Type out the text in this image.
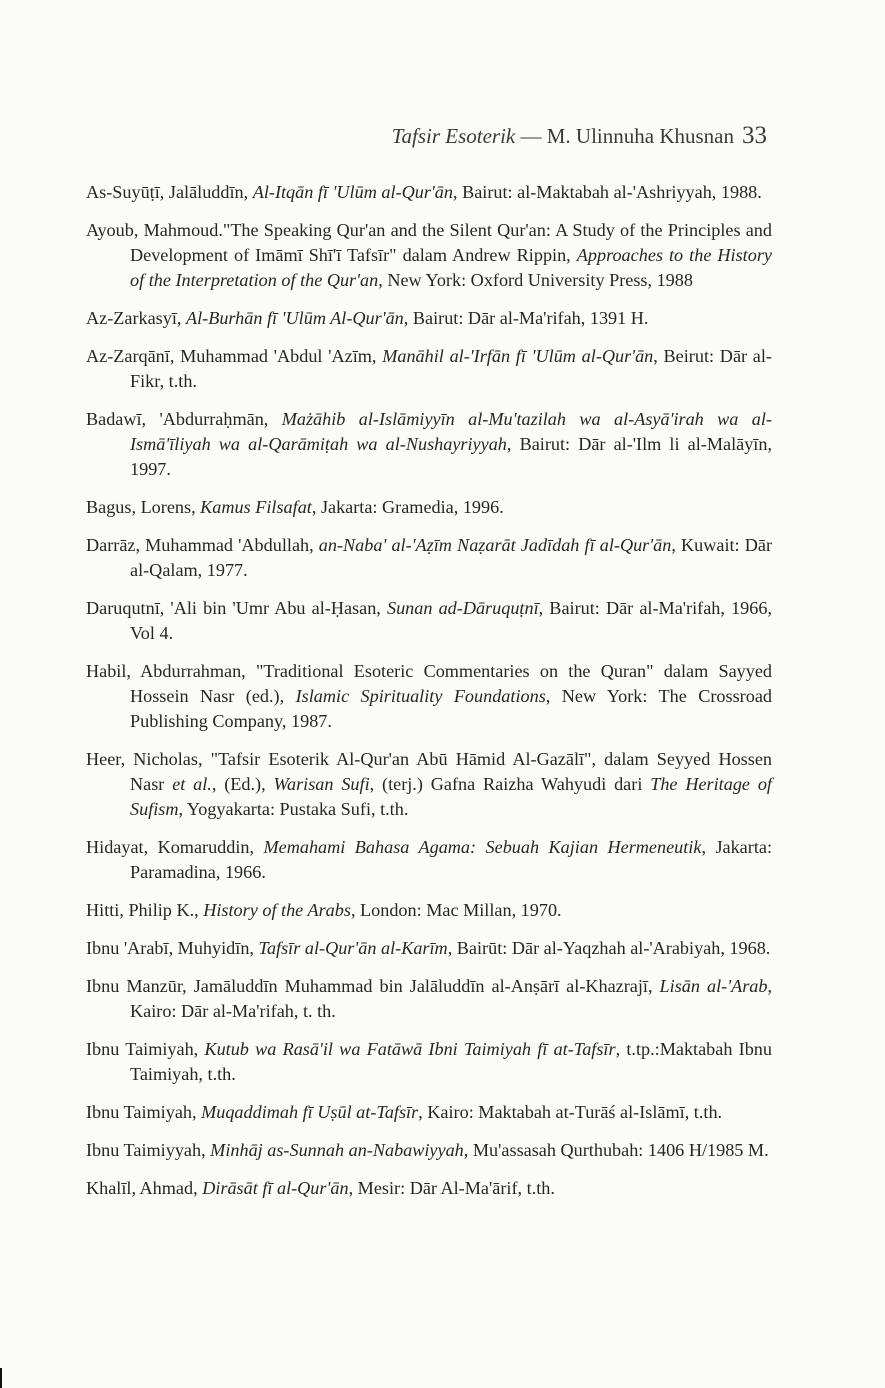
Tafsir Esoterik — M. Ulinnuha Khusnan 33

As-Suyūṭī, Jalāluddīn, Al-Itqān fī 'Ulūm al-Qur'ān, Bairut: al-Maktabah al-'Ashriyyah, 1988.

Ayoub, Mahmoud."The Speaking Qur'an and the Silent Qur'an: A Study of the Principles and Development of Imāmī Shī'ī Tafsīr" dalam Andrew Rippin, Approaches to the History of the Interpretation of the Qur'an, New York: Oxford University Press, 1988

Az-Zarkasyī, Al-Burhān fī 'Ulūm Al-Qur'ān, Bairut: Dār al-Ma'rifah, 1391 H.

Az-Zarqānī, Muhammad 'Abdul 'Azīm, Manāhil al-'Irfān fī 'Ulūm al-Qur'ān, Beirut: Dār al-Fikr, t.th.

Badawī, 'Abdurraḥmān, Mażāhib al-Islāmiyyīn al-Mu'tazilah wa al-Asyā'irah wa al-Ismā'īliyah wa al-Qarāmiṭah wa al-Nushayriyyah, Bairut: Dār al-'Ilm li al-Malāyīn, 1997.

Bagus, Lorens, Kamus Filsafat, Jakarta: Gramedia, 1996.

Darrāz, Muhammad 'Abdullah, an-Naba' al-'Aẓīm Naẓarāt Jadīdah fī al-Qur'ān, Kuwait: Dār al-Qalam, 1977.

Daruqutnī, 'Ali bin 'Umr Abu al-Ḥasan, Sunan ad-Dāruquṭnī, Bairut: Dār al-Ma'rifah, 1966, Vol 4.

Habil, Abdurrahman, "Traditional Esoteric Commentaries on the Quran" dalam Sayyed Hossein Nasr (ed.), Islamic Spirituality Foundations, New York: The Crossroad Publishing Company, 1987.

Heer, Nicholas, "Tafsir Esoterik Al-Qur'an Abū Hāmid Al-Gazālī", dalam Seyyed Hossen Nasr et al., (Ed.), Warisan Sufi, (terj.) Gafna Raizha Wahyudi dari The Heritage of Sufism, Yogyakarta: Pustaka Sufi, t.th.

Hidayat, Komaruddin, Memahami Bahasa Agama: Sebuah Kajian Hermeneutik, Jakarta: Paramadina, 1966.

Hitti, Philip K., History of the Arabs, London: Mac Millan, 1970.

Ibnu 'Arabī, Muhyidīn, Tafsīr al-Qur'ān al-Karīm, Bairūt: Dār al-Yaqzhah al-'Arabiyah, 1968.

Ibnu Manzūr, Jamāluddīn Muhammad bin Jalāluddīn al-Anṣārī al-Khazrajī, Lisān al-'Arab, Kairo: Dār al-Ma'rifah, t. th.

Ibnu Taimiyah, Kutub wa Rasā'il wa Fatāwā Ibni Taimiyah fī at-Tafsīr, t.tp.:Maktabah Ibnu Taimiyah, t.th.

Ibnu Taimiyah, Muqaddimah fī Uṣūl at-Tafsīr, Kairo: Maktabah at-Turāś al-Islāmī, t.th.

Ibnu Taimiyyah, Minhāj as-Sunnah an-Nabawiyyah, Mu'assasah Qurthubah: 1406 H/1985 M.

Khalīl, Ahmad, Dirāsāt fī al-Qur'ān, Mesir: Dār Al-Ma'ārif, t.th.
